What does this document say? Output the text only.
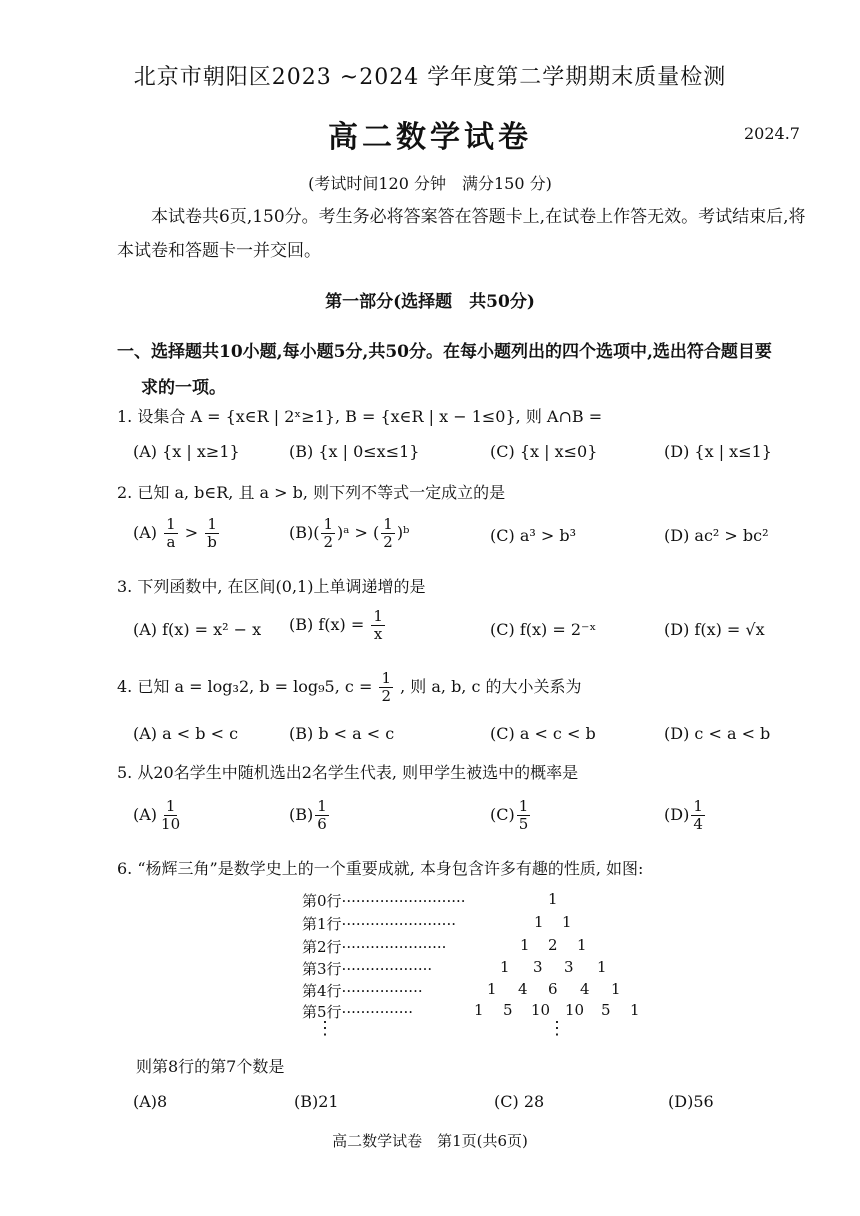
北京市朝阳区2023 ~2024 学年度第二学期期末质量检测
高二数学试卷	2024.7
(考试时间120 分钟　满分150 分)
本试卷共6页,150分。考生务必将答案答在答题卡上,在试卷上作答无效。考试结束后,将本试卷和答题卡一并交回。
第一部分(选择题　共50分)
一、选择题共10小题,每小题5分,共50分。在每小题列出的四个选项中,选出符合题目要
求的一项。
1. 设集合 A = {x∈R | 2ˣ≥1}, B = {x∈R | x − 1≤0}, 则 A∩B =
(A) {x | x≥1}	(B) {x | 0≤x≤1}	(C) {x | x≤0}	(D) {x | x≤1}
2. 已知 a, b∈R, 且 a > b, 则下列不等式一定成立的是
$(A) \frac{1}{a} > \frac{1}{b}$	$(B)( \frac{1}{2}$ )ᵃ > ( $\frac{1}{2}$ )ᵇ	(C) a³ > b³	(D) ac² > bc²
3. 下列函数中, 在区间(0,1)上单调递增的是
(A) f(x) = x² − x (B) $f(x) = \frac{1}{x}$	(C) f(x) = 2⁻ˣ	(D) f(x) = √x
4. 已知 a = log₃2, b = log₉5, $c = \frac{1}{2}$ , 则 a, b, c 的大小关系为
(A) a < b < c	(B) b < a < c	(C) a < c < b	(D) c < a < b
5. 从20名学生中随机选出2名学生代表, 则甲学生被选中的概率是
$(A) \frac{1}{10}$	$(B) \frac{1}{6}$	$(C) \frac{1}{5}$	$(D) \frac{1}{4}$
6. “杨辉三角”是数学史上的一个重要成就, 本身包含许多有趣的性质, 如图:
第0行··························	1
第1行························	1 1
第2行······················	1 2 1
第3行···················	1 3 3 1
第4行·················	1 4 6 4 1
第5行···············	1 5 10 10 5 1
⋮	⋮
则第8行的第7个数是
(A)8	(B)21	(C) 28	(D)56
高二数学试卷　第1页(共6页)
